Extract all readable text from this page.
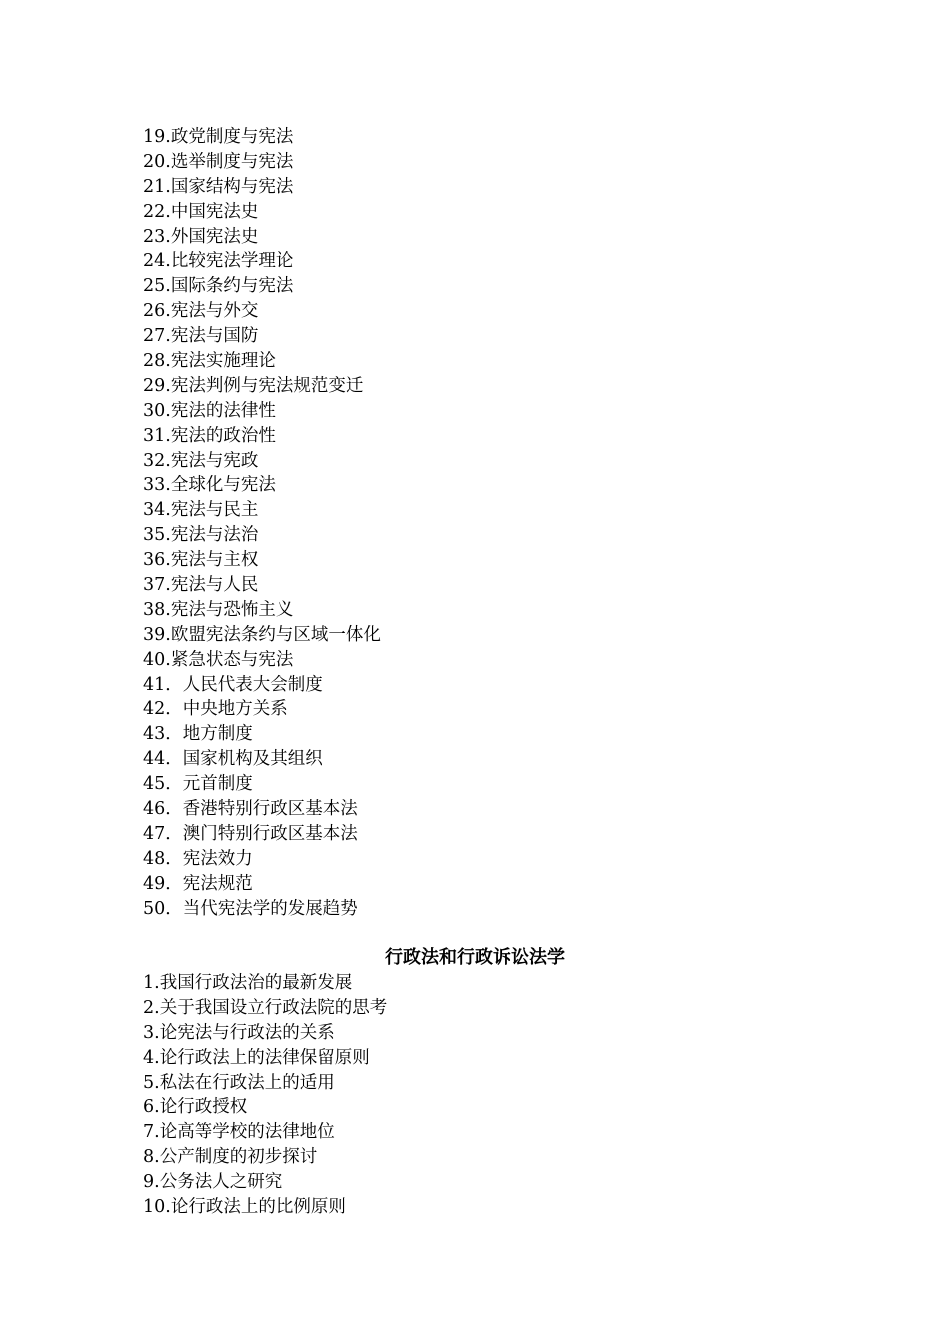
19.政党制度与宪法
20.选举制度与宪法
21.国家结构与宪法
22.中国宪法史
23.外国宪法史
24.比较宪法学理论
25.国际条约与宪法
26.宪法与外交
27.宪法与国防
28.宪法实施理论
29.宪法判例与宪法规范变迁
30.宪法的法律性
31.宪法的政治性
32.宪法与宪政
33.全球化与宪法
34.宪法与民主
35.宪法与法治
36.宪法与主权
37.宪法与人民
38.宪法与恐怖主义
39.欧盟宪法条约与区域一体化
40.紧急状态与宪法
41．人民代表大会制度
42．中央地方关系
43．地方制度
44．国家机构及其组织
45．元首制度
46．香港特别行政区基本法
47．澳门特别行政区基本法
48．宪法效力
49．宪法规范
50．当代宪法学的发展趋势
行政法和行政诉讼法学
1.我国行政法治的最新发展
2.关于我国设立行政法院的思考
3.论宪法与行政法的关系
4.论行政法上的法律保留原则
5.私法在行政法上的适用
6.论行政授权
7.论高等学校的法律地位
8.公产制度的初步探讨
9.公务法人之研究
10.论行政法上的比例原则
